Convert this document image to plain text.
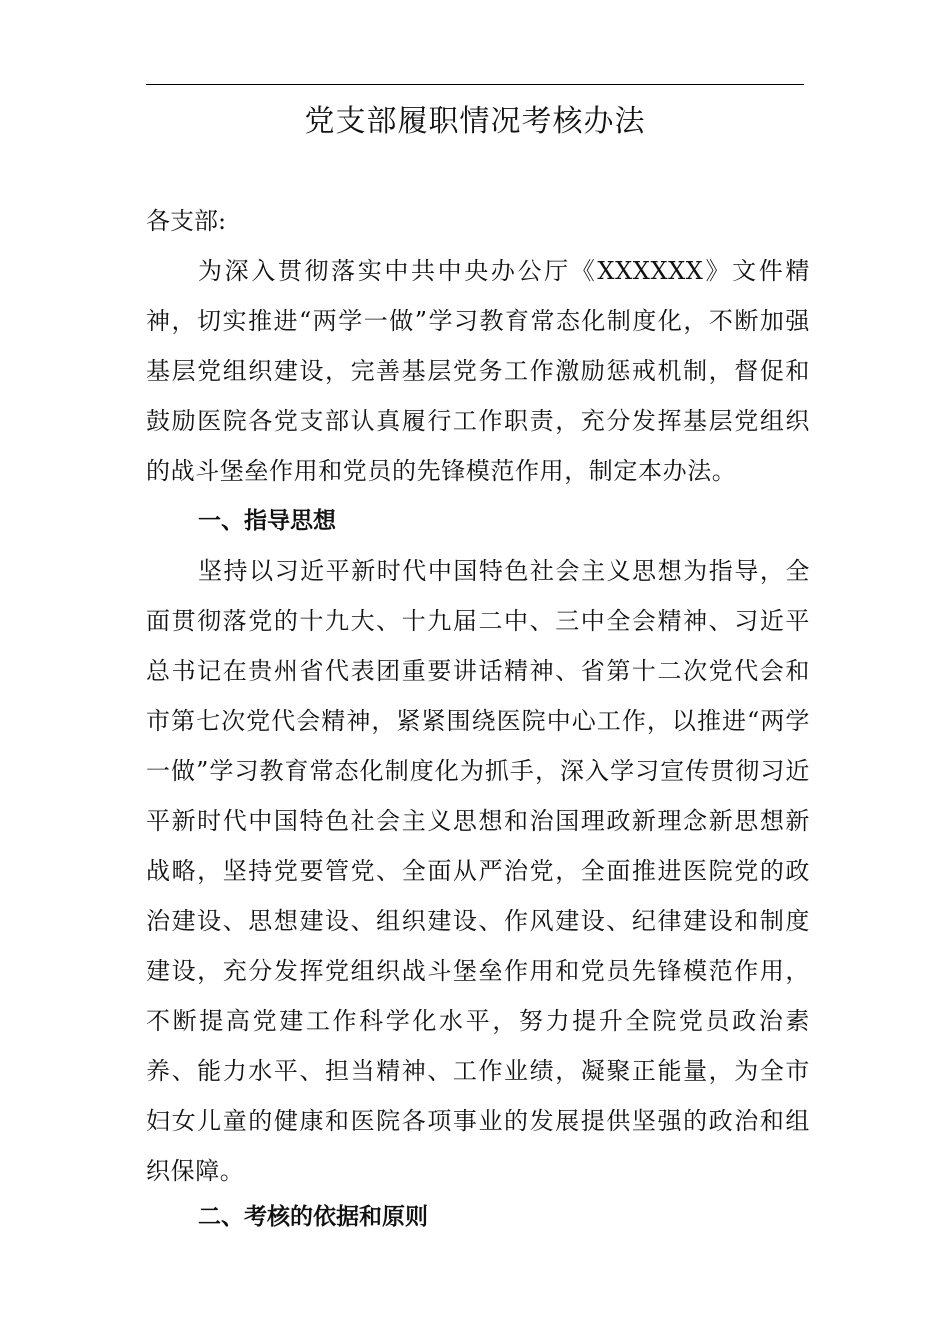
党支部履职情况考核办法
各支部:
为深入贯彻落实中共中央办公厅《XXXXXX》文件精神，切实推进“两学一做”学习教育常态化制度化，不断加强基层党组织建设，完善基层党务工作激励惩戒机制，督促和鼓励医院各党支部认真履行工作职责，充分发挥基层党组织的战斗堡垒作用和党员的先锋模范作用，制定本办法。
一、指导思想
坚持以习近平新时代中国特色社会主义思想为指导，全面贯彻落党的十九大、十九届二中、三中全会精神、习近平总书记在贵州省代表团重要讲话精神、省第十二次党代会和市第七次党代会精神，紧紧围绕医院中心工作，以推进“两学一做”学习教育常态化制度化为抓手，深入学习宣传贯彻习近平新时代中国特色社会主义思想和治国理政新理念新思想新战略，坚持党要管党、全面从严治党，全面推进医院党的政治建设、思想建设、组织建设、作风建设、纪律建设和制度建设，充分发挥党组织战斗堡垒作用和党员先锋模范作用，不断提高党建工作科学化水平，努力提升全院党员政治素养、能力水平、担当精神、工作业绩，凝聚正能量，为全市妇女儿童的健康和医院各项事业的发展提供坚强的政治和组织保障。
二、考核的依据和原则
